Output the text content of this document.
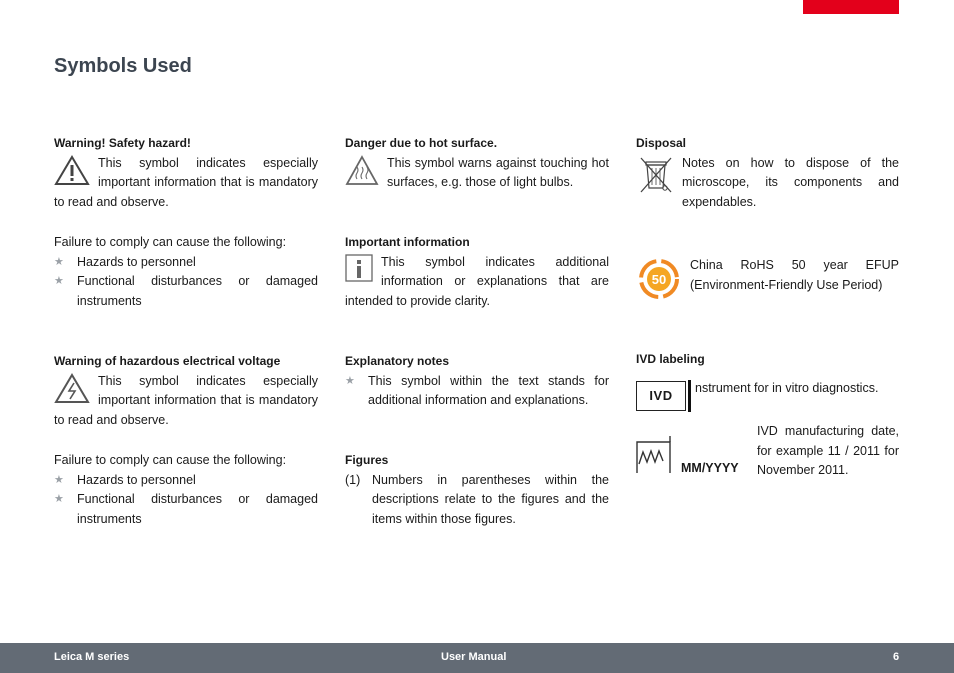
Symbols Used
Warning! Safety hazard!
This symbol indicates especially important information that is mandatory to read and observe.
Failure to comply can cause the following:
★ Hazards to personnel
★ Functional disturbances or damaged instruments
Warning of hazardous electrical voltage
This symbol indicates especially important information that is mandatory to read and observe.
Failure to comply can cause the following:
★ Hazards to personnel
★ Functional disturbances or damaged instruments
Danger due to hot surface.
This symbol warns against touching hot surfaces, e.g. those of light bulbs.
Important information
This symbol indicates additional information or explanations that are intended to provide clarity.
Explanatory notes
★ This symbol within the text stands for additional information and explanations.
Figures
(1) Numbers in parentheses within the descriptions relate to the figures and the items within those figures.
Disposal
Notes on how to dispose of the microscope, its components and expendables.
50
China RoHS 50 year EFUP (Environment-Friendly Use Period)
IVD labeling
IVD	nstrument for in vitro diagnostics.
MM/YYYY
IVD manufacturing date, for example 11 / 2011 for November 2011.
Leica M series	User Manual	6
